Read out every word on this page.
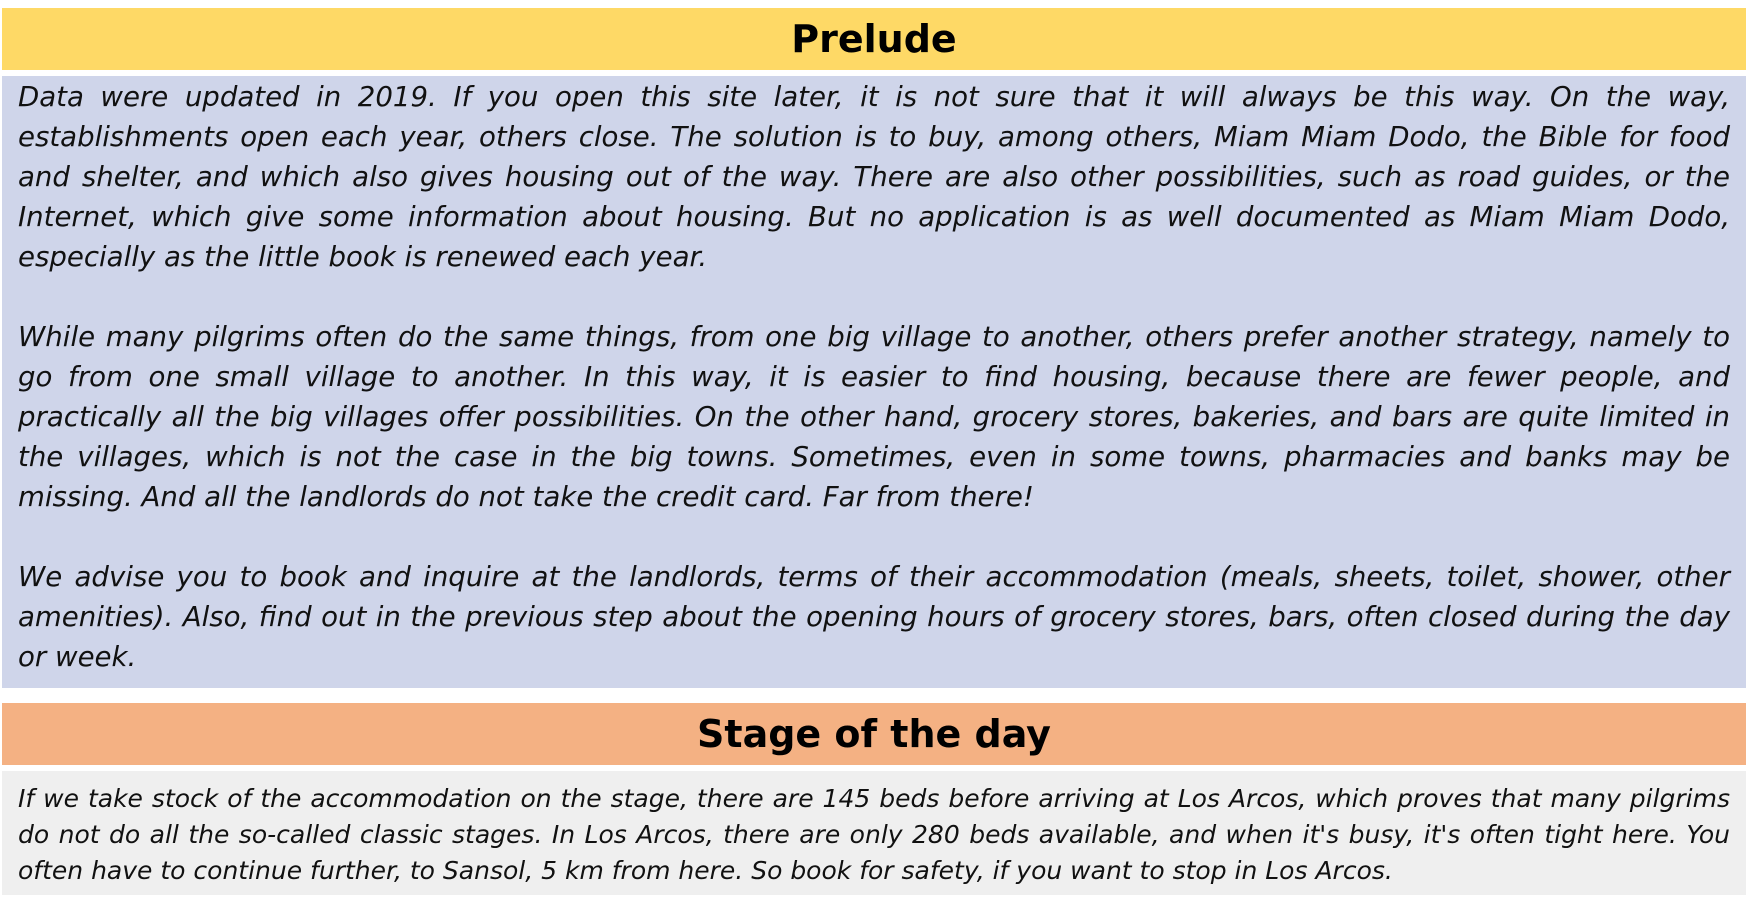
Prelude

Data were updated in 2019. If you open this site later, it is not sure that it will always be this way. On the way, establishments open each year, others close. The solution is to buy, among others, Miam Miam Dodo, the Bible for food and shelter, and which also gives housing out of the way. There are also other possibilities, such as road guides, or the Internet, which give some information about housing. But no application is as well documented as Miam Miam Dodo, especially as the little book is renewed each year.

While many pilgrims often do the same things, from one big village to another, others prefer another strategy, namely to go from one small village to another. In this way, it is easier to find housing, because there are fewer people, and practically all the big villages offer possibilities. On the other hand, grocery stores, bakeries, and bars are quite limited in the villages, which is not the case in the big towns. Sometimes, even in some towns, pharmacies and banks may be missing. And all the landlords do not take the credit card. Far from there!

We advise you to book and inquire at the landlords, terms of their accommodation (meals, sheets, toilet, shower, other amenities). Also, find out in the previous step about the opening hours of grocery stores, bars, often closed during the day or week.

Stage of the day

If we take stock of the accommodation on the stage, there are 145 beds before arriving at Los Arcos, which proves that many pilgrims do not do all the so-called classic stages. In Los Arcos, there are only 280 beds available, and when it's busy, it's often tight here. You often have to continue further, to Sansol, 5 km from here. So book for safety, if you want to stop in Los Arcos.
